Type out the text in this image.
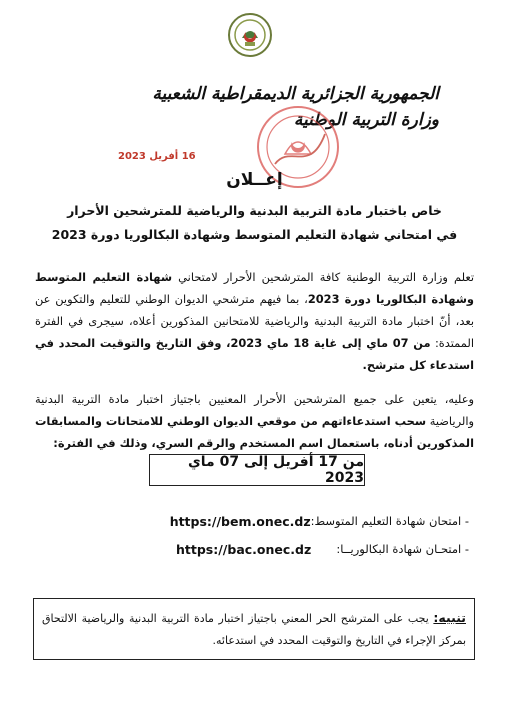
الجمهورية الجزائرية الديمقراطية الشعبية
وزارة التربية الوطنية
16 أفريل 2023
إعــلان
خاص باختبار مادة التربية البدنية والرياضية للمترشحين الأحرار
في امتحاني شهادة التعليم المتوسط وشهادة البكالوريا دورة 2023

تعلم وزارة التربية الوطنية كافة المترشحين الأحرار لامتحاني شهادة التعليم المتوسط وشهادة البكالوريا دورة 2023، بما فيهم مترشحي الديوان الوطني للتعليم والتكوين عن بعد، أنّ اختبار مادة التربية البدنية والرياضية للامتحانين المذكورين أعلاه، سيجرى في الفترة الممتدة: من 07 ماي إلى غاية 18 ماي 2023، وفق التاريخ والتوقيت المحدد في استدعاء كل مترشح.

وعليه، يتعين على جميع المترشحين الأحرار المعنيين باجتياز اختبار مادة التربية البدنية والرياضية سحب استدعاءاتهم من موقعي الديوان الوطني للامتحانات والمسابقات المذكورين أدناه، باستعمال اسم المستخدم والرقم السري، وذلك في الفترة:

من 17 أفريل إلى 07 ماي 2023
- امتحان شهادة التعليم المتوسط:
https://bem.onec.dz
- امتحـان شهادة البكالوريــا:
https://bac.onec.dz
تنبيه: يجب على المترشح الحر المعني باجتياز اختبار مادة التربية البدنية والرياضية الالتحاق بمركز الإجراء في التاريخ والتوقيت المحدد في استدعائه.
